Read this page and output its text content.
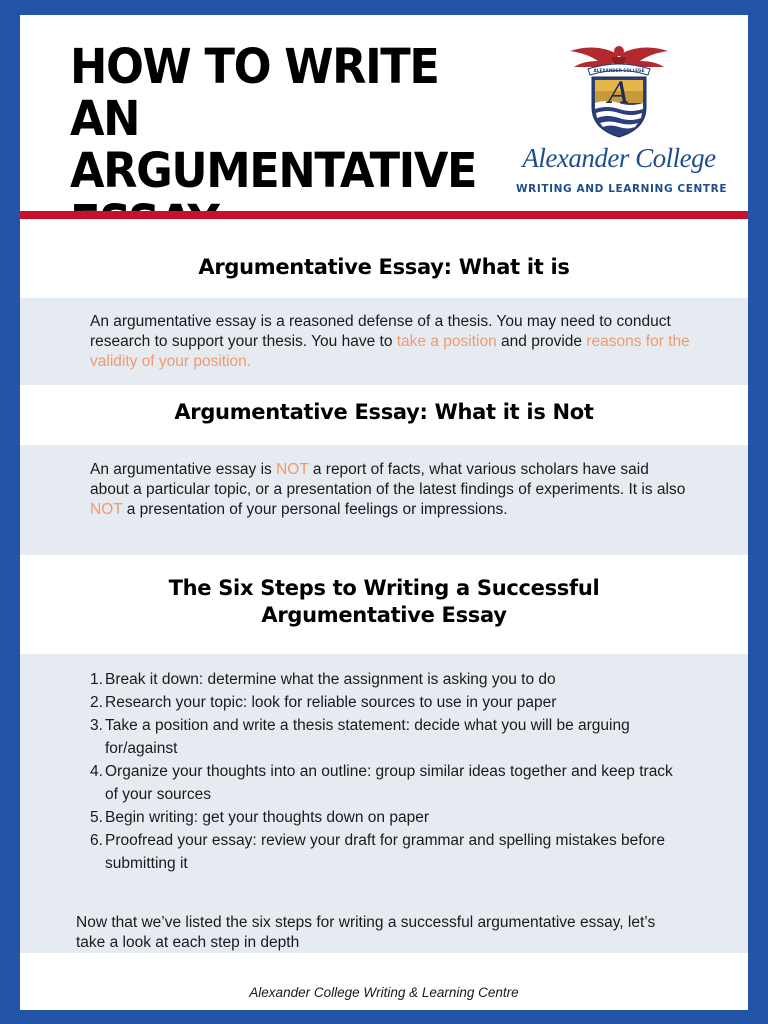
HOW TO WRITE AN
ARGUMENTATIVE
ALEXANDER COLLEGE
A
Alexander College
WRITING AND LEARNING CENTRE
Argumentative Essay: What it is

An argumentative essay is a reasoned defense of a thesis. You may need to conduct research to support your thesis. You have to take a position and provide reasons for the validity of your position.

Argumentative Essay: What it is Not

An argumentative essay is NOT a report of facts, what various scholars have said about a particular topic, or a presentation of the latest findings of experiments. It is also NOT a presentation of your personal feelings or impressions.

The Six Steps to Writing a Successful
Argumentative Essay
1. Break it down: determine what the assignment is asking you to do
2. Research your topic: look for reliable sources to use in your paper
3. Take a position and write a thesis statement: decide what you will be arguing for/against
4. Organize your thoughts into an outline: group similar ideas together and keep track of your sources
5. Begin writing: get your thoughts down on paper
6. Proofread your essay: review your draft for grammar and spelling mistakes before submitting it

Now that we’ve listed the six steps for writing a successful argumentative essay, let’s take a look at each step in depth

Alexander College Writing & Learning Centre
